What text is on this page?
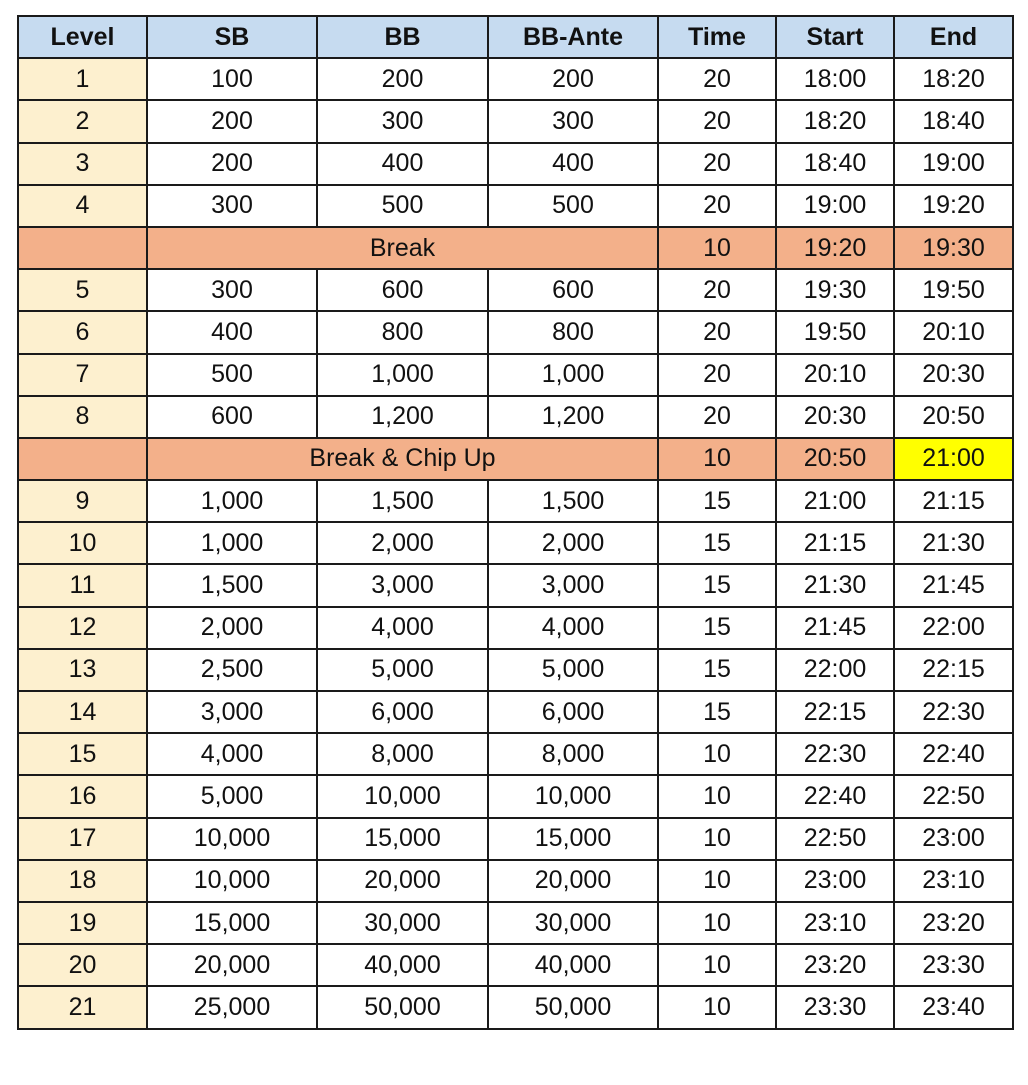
Level	SB	BB	BB-Ante	Time	Start	End
1	100	200	200	20	18:00	18:20
2	200	300	300	20	18:20	18:40
3	200	400	400	20	18:40	19:00
4	300	500	500	20	19:00	19:20
	Break			10	19:20	19:30
5	300	600	600	20	19:30	19:50
6	400	800	800	20	19:50	20:10
7	500	1,000	1,000	20	20:10	20:30
8	600	1,200	1,200	20	20:30	20:50
	Break & Chip Up			10	20:50	21:00
9	1,000	1,500	1,500	15	21:00	21:15
10	1,000	2,000	2,000	15	21:15	21:30
11	1,500	3,000	3,000	15	21:30	21:45
12	2,000	4,000	4,000	15	21:45	22:00
13	2,500	5,000	5,000	15	22:00	22:15
14	3,000	6,000	6,000	15	22:15	22:30
15	4,000	8,000	8,000	10	22:30	22:40
16	5,000	10,000	10,000	10	22:40	22:50
17	10,000	15,000	15,000	10	22:50	23:00
18	10,000	20,000	20,000	10	23:00	23:10
19	15,000	30,000	30,000	10	23:10	23:20
20	20,000	40,000	40,000	10	23:20	23:30
21	25,000	50,000	50,000	10	23:30	23:40
